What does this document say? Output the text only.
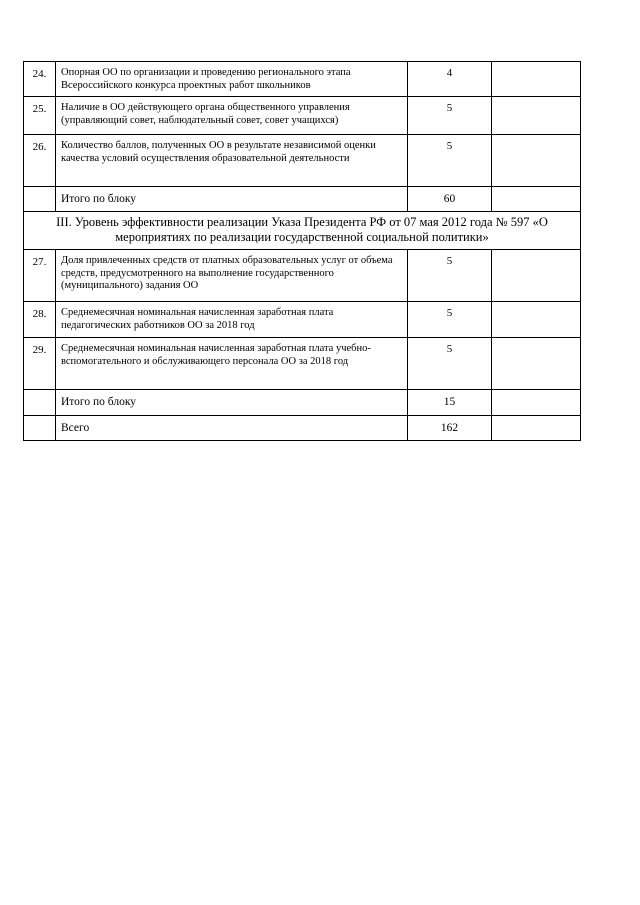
24.	Опорная ОО по организации и проведению регионального этапа Всероссийского конкурса проектных работ школьников	4	
25.	Наличие в ОО действующего органа общественного управления (управляющий совет, наблюдательный совет, совет учащихся)	5	
26.	Количество баллов, полученных ОО в результате независимой оценки качества условий осуществления образовательной деятельности	5	
	Итого по блоку	60	
III. Уровень эффективности реализации Указа Президента РФ от 07 мая 2012 года № 597 «О мероприятиях по реализации государственной социальной политики»			
27.	Доля привлеченных средств от платных образовательных услуг от объема средств, предусмотренного на выполнение государственного (муниципального) задания ОО	5	
28.	Среднемесячная номинальная начисленная заработная плата педагогических работников ОО за 2018 год	5	
29.	Среднемесячная номинальная начисленная заработная плата учебно-вспомогательного и обслуживающего персонала ОО за 2018 год	5	
	Итого по блоку	15	
	Всего	162	
